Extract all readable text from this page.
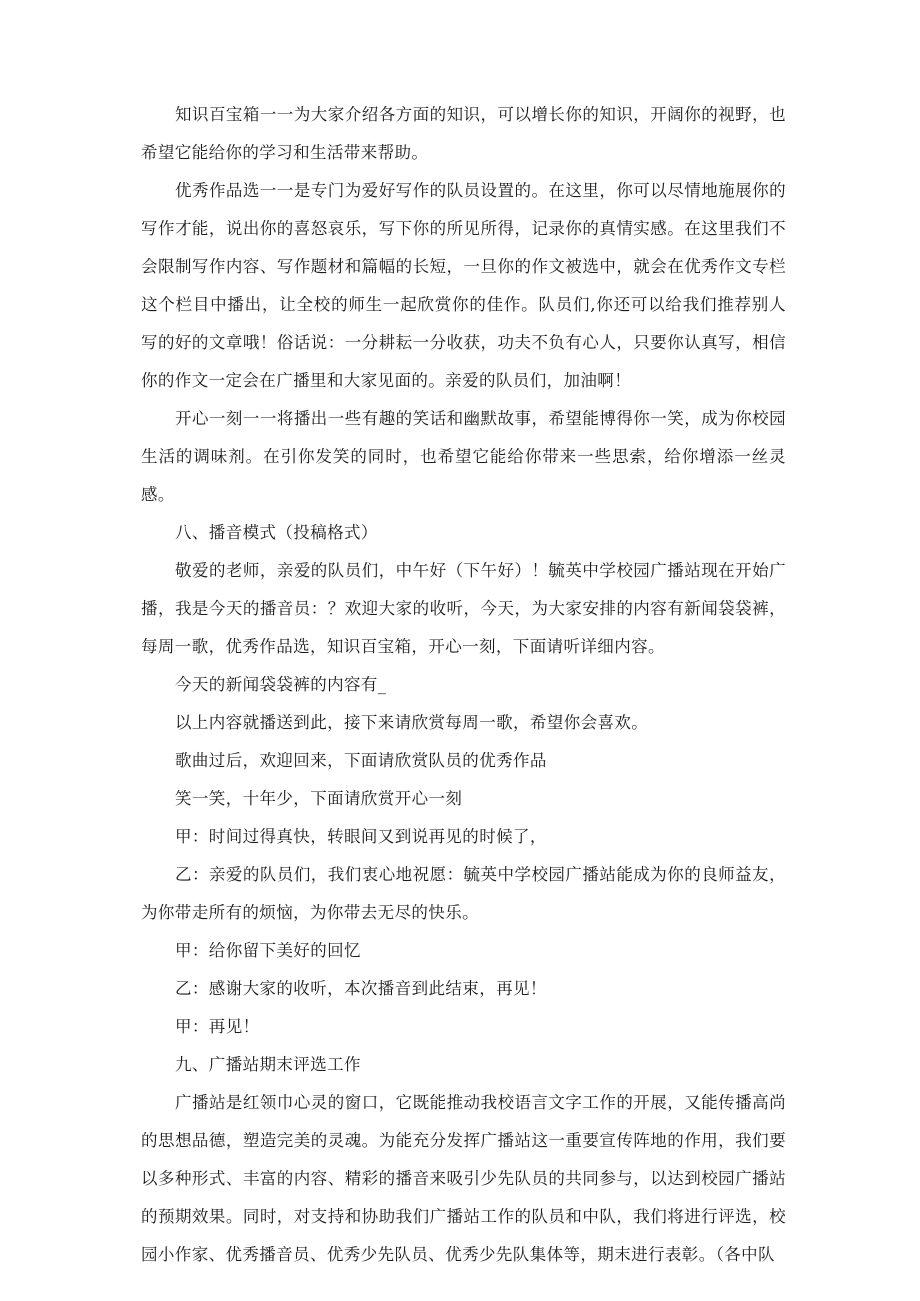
知识百宝箱一一为大家介绍各方面的知识，可以增长你的知识，开阔你的视野，也希望它能给你的学习和生活带来帮助。

优秀作品选一一是专门为爱好写作的队员设置的。在这里，你可以尽情地施展你的写作才能，说出你的喜怒哀乐，写下你的所见所得，记录你的真情实感。在这里我们不会限制写作内容、写作题材和篇幅的长短，一旦你的作文被选中，就会在优秀作文专栏这个栏目中播出，让全校的师生一起欣赏你的佳作。队员们,你还可以给我们推荐别人写的好的文章哦！俗话说：一分耕耘一分收获，功夫不负有心人，只要你认真写，相信你的作文一定会在广播里和大家见面的。亲爱的队员们，加油啊！

开心一刻一一将播出一些有趣的笑话和幽默故事，希望能博得你一笑，成为你校园生活的调味剂。在引你发笑的同时，也希望它能给你带来一些思索，给你增添一丝灵感。

八、播音模式（投稿格式）

敬爱的老师，亲爱的队员们，中午好（下午好）！毓英中学校园广播站现在开始广播，我是今天的播音员：？欢迎大家的收听，今天，为大家安排的内容有新闻袋袋裤，每周一歌，优秀作品选，知识百宝箱，开心一刻，下面请听详细内容。

今天的新闻袋袋裤的内容有_

以上内容就播送到此，接下来请欣赏每周一歌，希望你会喜欢。

歌曲过后，欢迎回来，下面请欣赏队员的优秀作品

笑一笑，十年少，下面请欣赏开心一刻

甲：时间过得真快，转眼间又到说再见的时候了，

乙：亲爱的队员们，我们衷心地祝愿：毓英中学校园广播站能成为你的良师益友，为你带走所有的烦恼，为你带去无尽的快乐。

甲：给你留下美好的回忆

乙：感谢大家的收听，本次播音到此结束，再见！

甲：再见！

九、广播站期末评选工作

广播站是红领巾心灵的窗口，它既能推动我校语言文字工作的开展，又能传播高尚的思想品德，塑造完美的灵魂。为能充分发挥广播站这一重要宣传阵地的作用，我们要以多种形式、丰富的内容、精彩的播音来吸引少先队员的共同参与，以达到校园广播站的预期效果。同时，对支持和协助我们广播站工作的队员和中队，我们将进行评选，校园小作家、优秀播音员、优秀少先队员、优秀少先队集体等，期末进行表彰。（各中队
